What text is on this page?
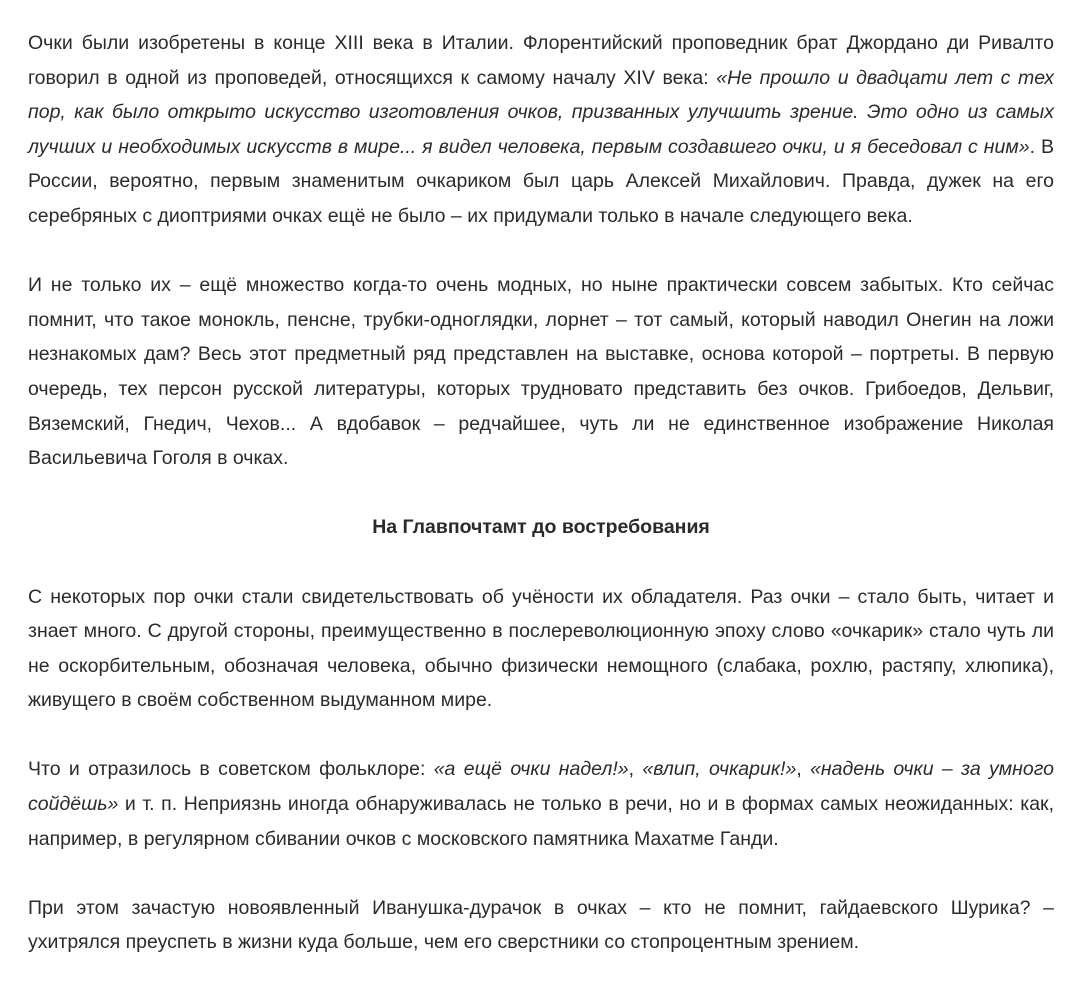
Очки были изобретены в конце XIII века в Италии. Флорентийский проповедник брат Джордано ди Ривалто говорил в одной из проповедей, относящихся к самому началу XIV века: «Не прошло и двадцати лет с тех пор, как было открыто искусство изготовления очков, призванных улучшить зрение. Это одно из самых лучших и необходимых искусств в мире... я видел человека, первым создавшего очки, и я беседовал с ним». В России, вероятно, первым знаменитым очкариком был царь Алексей Михайлович. Правда, дужек на его серебряных с диоптриями очках ещё не было – их придумали только в начале следующего века.

И не только их – ещё множество когда-то очень модных, но ныне практически совсем забытых. Кто сейчас помнит, что такое монокль, пенсне, трубки-одноглядки, лорнет – тот самый, который наводил Онегин на ложи незнакомых дам? Весь этот предметный ряд представлен на выставке, основа которой – портреты. В первую очередь, тех персон русской литературы, которых трудновато представить без очков. Грибоедов, Дельвиг, Вяземский, Гнедич, Чехов... А вдобавок – редчайшее, чуть ли не единственное изображение Николая Васильевича Гоголя в очках.

На Главпочтамт до востребования

С некоторых пор очки стали свидетельствовать об учёности их обладателя. Раз очки – стало быть, читает и знает много. С другой стороны, преимущественно в послереволюционную эпоху слово «очкарик» стало чуть ли не оскорбительным, обозначая человека, обычно физически немощного (слабака, рохлю, растяпу, хлюпика), живущего в своём собственном выдуманном мире.

Что и отразилось в советском фольклоре: «а ещё очки надел!», «влип, очкарик!», «надень очки – за умного сойдёшь» и т. п. Неприязнь иногда обнаруживалась не только в речи, но и в формах самых неожиданных: как, например, в регулярном сбивании очков с московского памятника Махатме Ганди.

При этом зачастую новоявленный Иванушка-дурачок в очках – кто не помнит, гайдаевского Шурика? – ухитрялся преуспеть в жизни куда больше, чем его сверстники со стопроцентным зрением.
